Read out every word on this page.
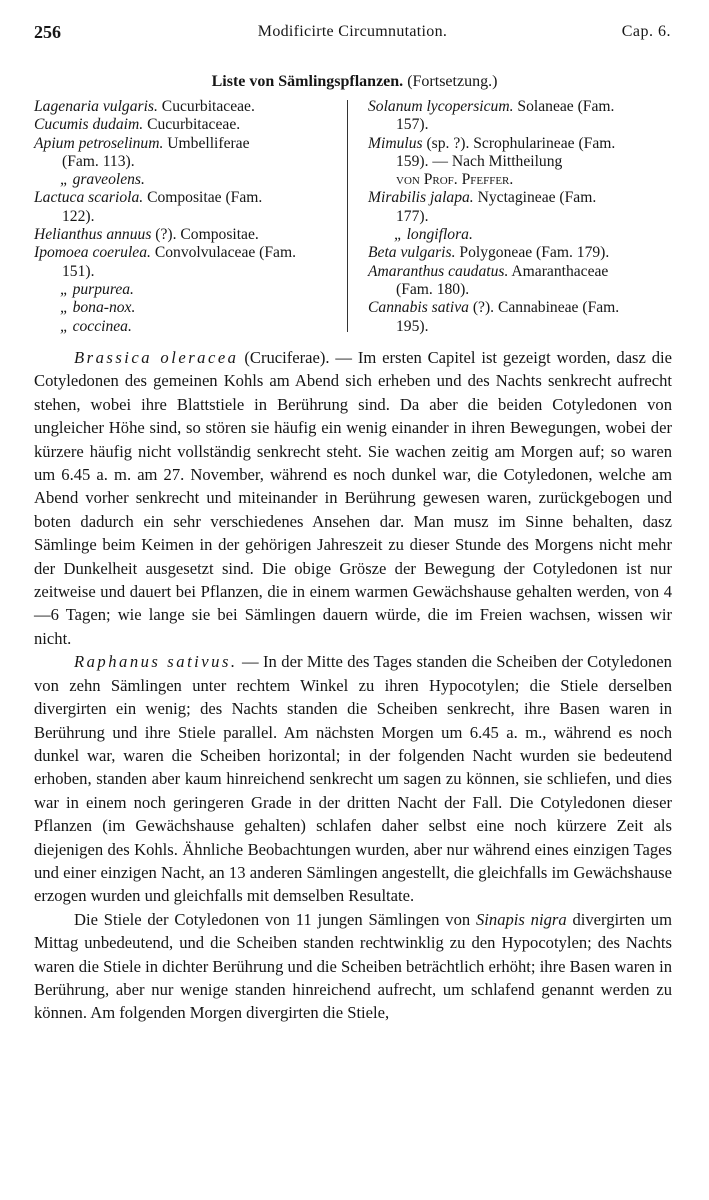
256	Modificirte Circumnutation.	Cap. 6.
Liste von Sämlingspflanzen. (Fortsetzung.)
Lagenaria vulgaris. Cucurbitaceae.
Cucumis dudaim. Cucurbitaceae.
Apium petroselinum. Umbelliferae
(Fam. 113).
„ graveolens.
Lactuca scariola. Compositae (Fam.
122).
Helianthus annuus (?). Compositae.
Ipomoea coerulea. Convolvulaceae (Fam.
151).
„ purpurea.
„ bona-nox.
„ coccinea.
Solanum lycopersicum. Solaneae (Fam.
157).
Mimulus (sp. ?). Scrophularineae (Fam.
159). — Nach Mittheilung
von Prof. Pfeffer.
Mirabilis jalapa. Nyctagineae (Fam.
177).
„ longiflora.
Beta vulgaris. Polygoneae (Fam. 179).
Amaranthus caudatus. Amaranthaceae
(Fam. 180).
Cannabis sativa (?). Cannabineae (Fam.
195).

Brassica oleracea (Cruciferae). — Im ersten Capitel ist gezeigt worden, dasz die Cotyledonen des gemeinen Kohls am Abend sich erheben und des Nachts senkrecht aufrecht stehen, wobei ihre Blattstiele in Berührung sind. Da aber die beiden Cotyledonen von ungleicher Höhe sind, so stören sie häufig ein wenig einander in ihren Bewegungen, wobei der kürzere häufig nicht vollständig senkrecht steht. Sie wachen zeitig am Morgen auf; so waren um 6.45 a. m. am 27. November, während es noch dunkel war, die Cotyledonen, welche am Abend vorher senkrecht und miteinander in Berührung gewesen waren, zurückgebogen und boten dadurch ein sehr verschiedenes Ansehen dar. Man musz im Sinne behalten, dasz Sämlinge beim Keimen in der gehörigen Jahreszeit zu dieser Stunde des Morgens nicht mehr der Dunkelheit ausgesetzt sind. Die obige Grösze der Bewegung der Cotyledonen ist nur zeitweise und dauert bei Pflanzen, die in einem warmen Gewächshause gehalten werden, von 4—6 Tagen; wie lange sie bei Sämlingen dauern würde, die im Freien wachsen, wissen wir nicht.

Raphanus sativus. — In der Mitte des Tages standen die Scheiben der Cotyledonen von zehn Sämlingen unter rechtem Winkel zu ihren Hypocotylen; die Stiele derselben divergirten ein wenig; des Nachts standen die Scheiben senkrecht, ihre Basen waren in Berührung und ihre Stiele parallel. Am nächsten Morgen um 6.45 a. m., während es noch dunkel war, waren die Scheiben horizontal; in der folgenden Nacht wurden sie bedeutend erhoben, standen aber kaum hinreichend senkrecht um sagen zu können, sie schliefen, und dies war in einem noch geringeren Grade in der dritten Nacht der Fall. Die Cotyledonen dieser Pflanzen (im Gewächshause gehalten) schlafen daher selbst eine noch kürzere Zeit als diejenigen des Kohls. Ähnliche Beobachtungen wurden, aber nur während eines einzigen Tages und einer einzigen Nacht, an 13 anderen Sämlingen angestellt, die gleichfalls im Gewächshause erzogen wurden und gleichfalls mit demselben Resultate.

Die Stiele der Cotyledonen von 11 jungen Sämlingen von Sinapis nigra divergirten um Mittag unbedeutend, und die Scheiben standen rechtwinklig zu den Hypocotylen; des Nachts waren die Stiele in dichter Berührung und die Scheiben beträchtlich erhöht; ihre Basen waren in Berührung, aber nur wenige standen hinreichend aufrecht, um schlafend genannt werden zu können. Am folgenden Morgen divergirten die Stiele,
